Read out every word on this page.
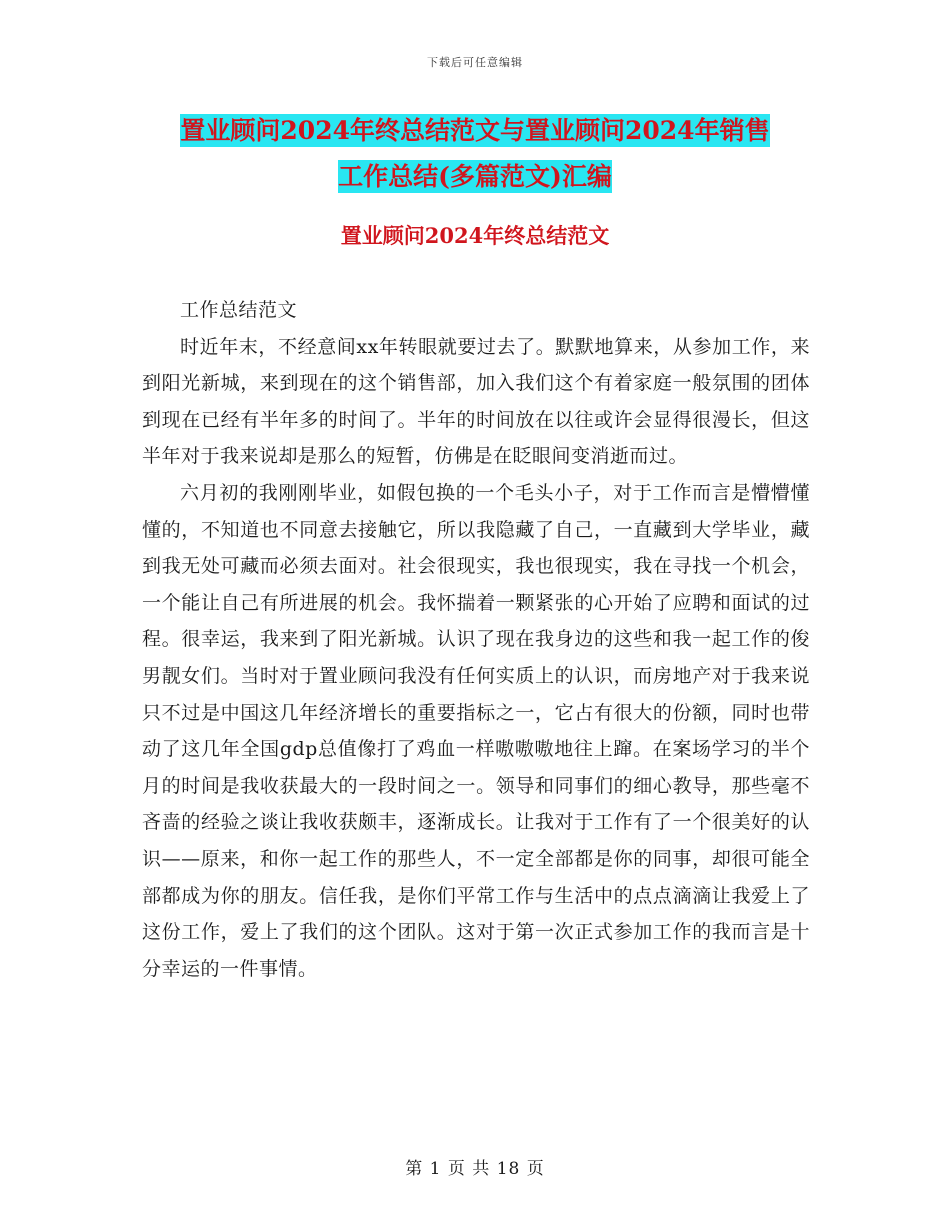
下载后可任意编辑
置业顾问2024年终总结范文与置业顾问2024年销售
工作总结(多篇范文)汇编
置业顾问2024年终总结范文

工作总结范文

时近年末，不经意间xx年转眼就要过去了。默默地算来，从参加工作，来到阳光新城，来到现在的这个销售部，加入我们这个有着家庭一般氛围的团体到现在已经有半年多的时间了。半年的时间放在以往或许会显得很漫长，但这半年对于我来说却是那么的短暂，仿佛是在眨眼间变消逝而过。

六月初的我刚刚毕业，如假包换的一个毛头小子，对于工作而言是懵懵懂懂的，不知道也不同意去接触它，所以我隐藏了自己，一直藏到大学毕业，藏到我无处可藏而必须去面对。社会很现实，我也很现实，我在寻找一个机会，一个能让自己有所进展的机会。我怀揣着一颗紧张的心开始了应聘和面试的过程。很幸运，我来到了阳光新城。认识了现在我身边的这些和我一起工作的俊男靓女们。当时对于置业顾问我没有任何实质上的认识，而房地产对于我来说只不过是中国这几年经济增长的重要指标之一，它占有很大的份额，同时也带动了这几年全国gdp总值像打了鸡血一样嗷嗷嗷地往上蹿。在案场学习的半个月的时间是我收获最大的一段时间之一。领导和同事们的细心教导，那些毫不吝啬的经验之谈让我收获颇丰，逐渐成长。让我对于工作有了一个很美好的认识——原来，和你一起工作的那些人，不一定全部都是你的同事，却很可能全部都成为你的朋友。信任我，是你们平常工作与生活中的点点滴滴让我爱上了这份工作，爱上了我们的这个团队。这对于第一次正式参加工作的我而言是十分幸运的一件事情。

第 1 页 共 18 页
